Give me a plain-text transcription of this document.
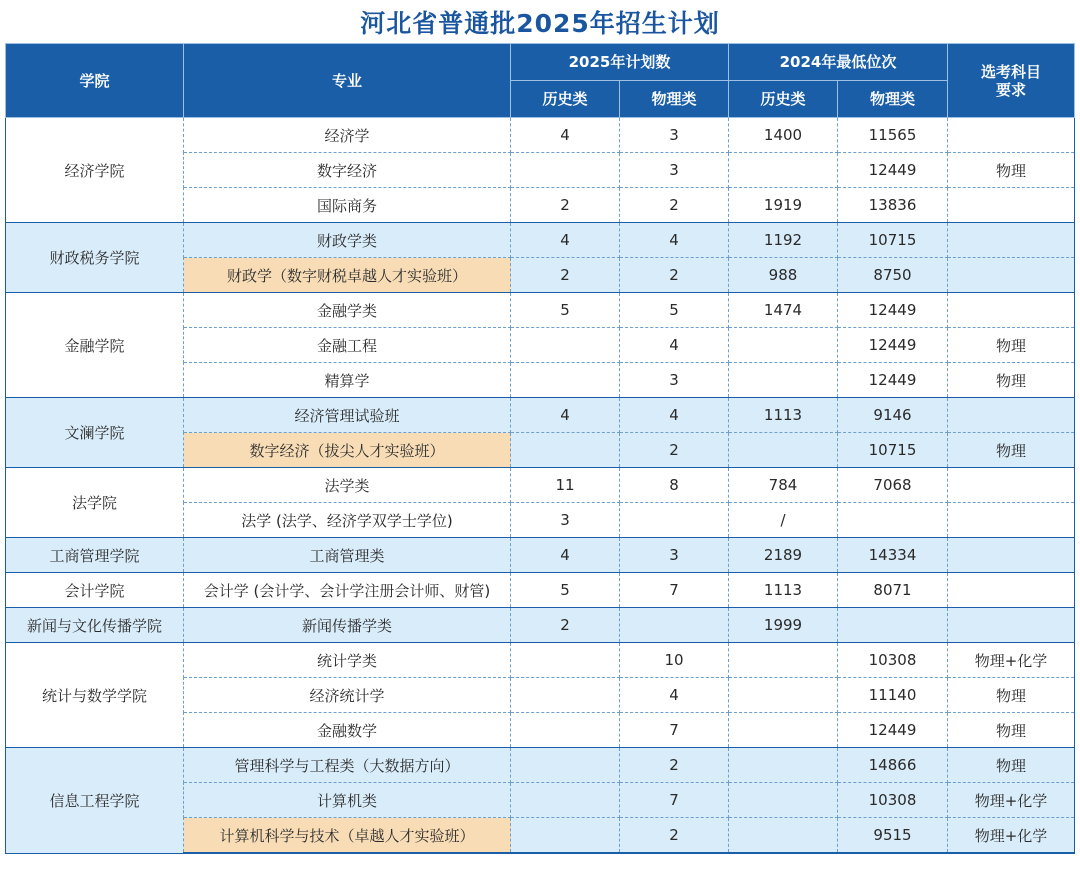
河北省普通批2025年招生计划
学院	专业	2025年计划数		2024年最低位次		选考科目要求

		历史类	物理类	历史类	物理类	
经济学院	经济学	4	3	1400	11565	
	数字经济		3		12449	物理
	国际商务	2	2	1919	13836	
财政税务学院	财政学类	4	4	1192	10715	
	财政学（数字财税卓越人才实验班）	2	2	988	8750	
金融学院	金融学类	5	5	1474	12449	
	金融工程		4		12449	物理
	精算学		3		12449	物理
文澜学院	经济管理试验班	4	4	1113	9146	
	数字经济（拔尖人才实验班）		2		10715	物理
法学院	法学类	11	8	784	7068	
	法学 (法学、经济学双学士学位)	3		/		
工商管理学院	工商管理类	4	3	2189	14334	
会计学院	会计学 (会计学、会计学注册会计师、财管)	5	7	1113	8071	
新闻与文化传播学院	新闻传播学类	2		1999		
统计与数学学院	统计学类		10		10308	物理+化学
	经济统计学		4		11140	物理
	金融数学		7		12449	物理
信息工程学院	管理科学与工程类（大数据方向）		2		14866	物理
	计算机类		7		10308	物理+化学
	计算机科学与技术（卓越人才实验班）		2		9515	物理+化学
